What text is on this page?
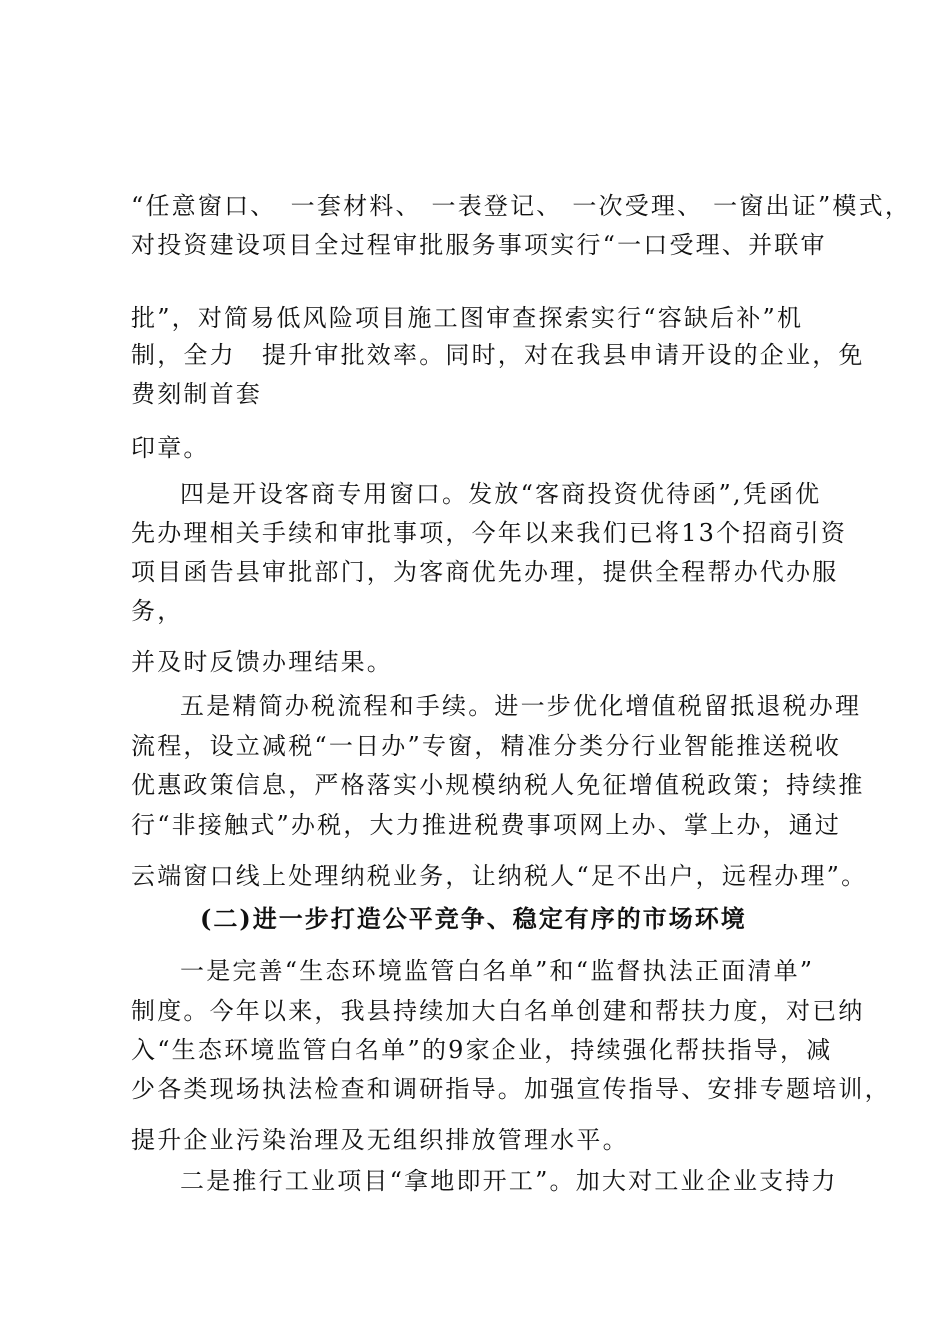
“任意窗口、　一套材料、 一表登记、 一次受理、 一窗出证”模式，
对投资建设项目全过程审批服务事项实行“一口受理、并联审
批”，对简易低风险项目施工图审查探索实行“容缺后补”机
制，全力　提升审批效率。同时，对在我县申请开设的企业，免
费刻制首套
印章。
四是开设客商专用窗口。发放“客商投资优待函”,凭函优
先办理相关手续和审批事项，今年以来我们已将13个招商引资
项目函告县审批部门，为客商优先办理，提供全程帮办代办服
务，
并及时反馈办理结果。
五是精简办税流程和手续。进一步优化增值税留抵退税办理
流程，设立减税“一日办”专窗，精准分类分行业智能推送税收
优惠政策信息，严格落实小规模纳税人免征增值税政策；持续推
行“非接触式”办税，大力推进税费事项网上办、掌上办，通过
云端窗口线上处理纳税业务，让纳税人“足不出户，远程办理”。
(二)进一步打造公平竞争、稳定有序的市场环境
一是完善“生态环境监管白名单”和“监督执法正面清单”
制度。今年以来，我县持续加大白名单创建和帮扶力度，对已纳
入“生态环境监管白名单”的9家企业，持续强化帮扶指导，减
少各类现场执法检查和调研指导。加强宣传指导、安排专题培训，
提升企业污染治理及无组织排放管理水平。
二是推行工业项目“拿地即开工”。加大对工业企业支持力
